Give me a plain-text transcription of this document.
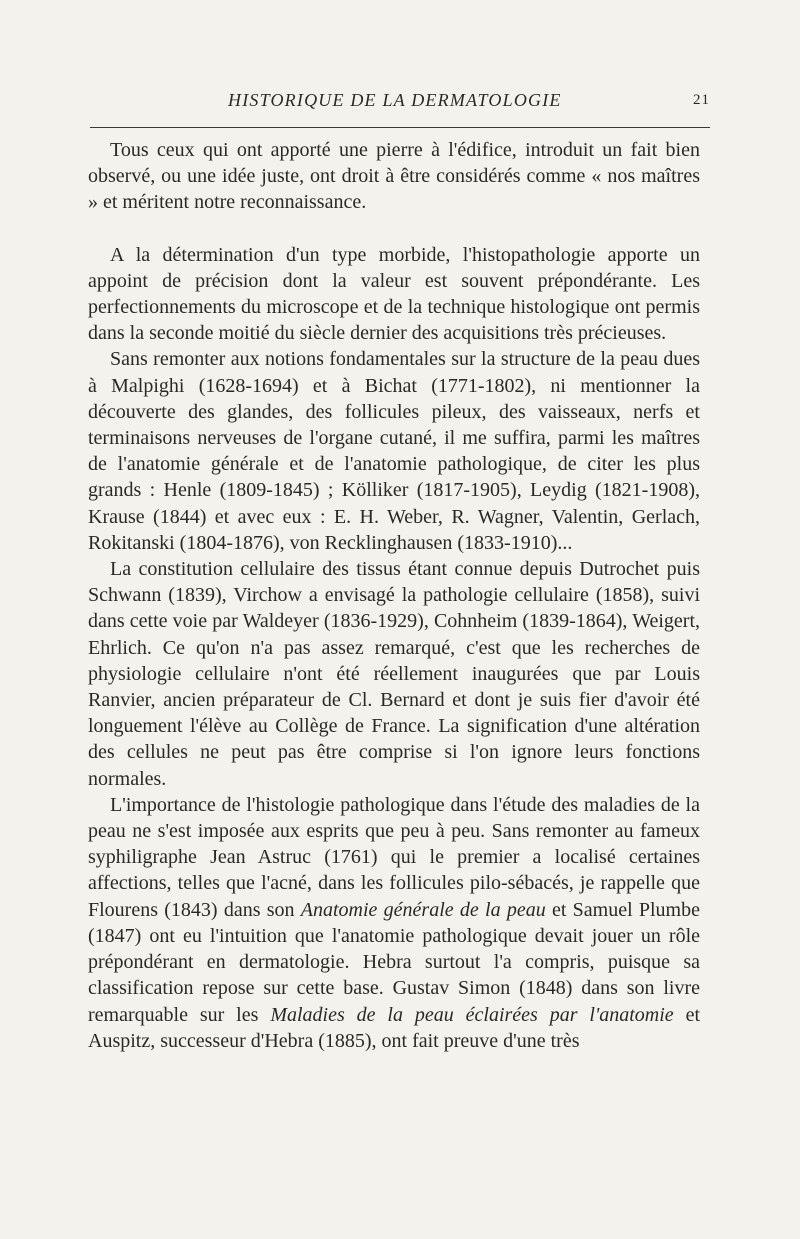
HISTORIQUE DE LA DERMATOLOGIE	21

Tous ceux qui ont apporté une pierre à l'édifice, introduit un fait bien observé, ou une idée juste, ont droit à être considérés comme « nos maîtres » et méritent notre reconnaissance.

A la détermination d'un type morbide, l'histopathologie apporte un appoint de précision dont la valeur est souvent prépondérante. Les perfectionnements du microscope et de la technique histologique ont permis dans la seconde moitié du siècle dernier des acquisitions très précieuses.

Sans remonter aux notions fondamentales sur la structure de la peau dues à Malpighi (1628-1694) et à Bichat (1771-1802), ni mentionner la découverte des glandes, des follicules pileux, des vaisseaux, nerfs et terminaisons nerveuses de l'organe cutané, il me suffira, parmi les maîtres de l'anatomie générale et de l'anatomie pathologique, de citer les plus grands : Henle (1809-1845) ; Kölliker (1817-1905), Leydig (1821-1908), Krause (1844) et avec eux : E. H. Weber, R. Wagner, Valentin, Gerlach, Rokitanski (1804-1876), von Recklinghausen (1833-1910)...

La constitution cellulaire des tissus étant connue depuis Dutrochet puis Schwann (1839), Virchow a envisagé la pathologie cellulaire (1858), suivi dans cette voie par Waldeyer (1836-1929), Cohnheim (1839-1864), Weigert, Ehrlich. Ce qu'on n'a pas assez remarqué, c'est que les recherches de physiologie cellulaire n'ont été réellement inaugurées que par Louis Ranvier, ancien préparateur de Cl. Bernard et dont je suis fier d'avoir été longuement l'élève au Collège de France. La signification d'une altération des cellules ne peut pas être comprise si l'on ignore leurs fonctions normales.

L'importance de l'histologie pathologique dans l'étude des maladies de la peau ne s'est imposée aux esprits que peu à peu. Sans remonter au fameux syphiligraphe Jean Astruc (1761) qui le premier a localisé certaines affections, telles que l'acné, dans les follicules pilo-sébacés, je rappelle que Flourens (1843) dans son Anatomie générale de la peau et Samuel Plumbe (1847) ont eu l'intuition que l'anatomie pathologique devait jouer un rôle prépondérant en dermatologie. Hebra surtout l'a compris, puisque sa classification repose sur cette base. Gustav Simon (1848) dans son livre remarquable sur les Maladies de la peau éclairées par l'anatomie et Auspitz, successeur d'Hebra (1885), ont fait preuve d'une très
